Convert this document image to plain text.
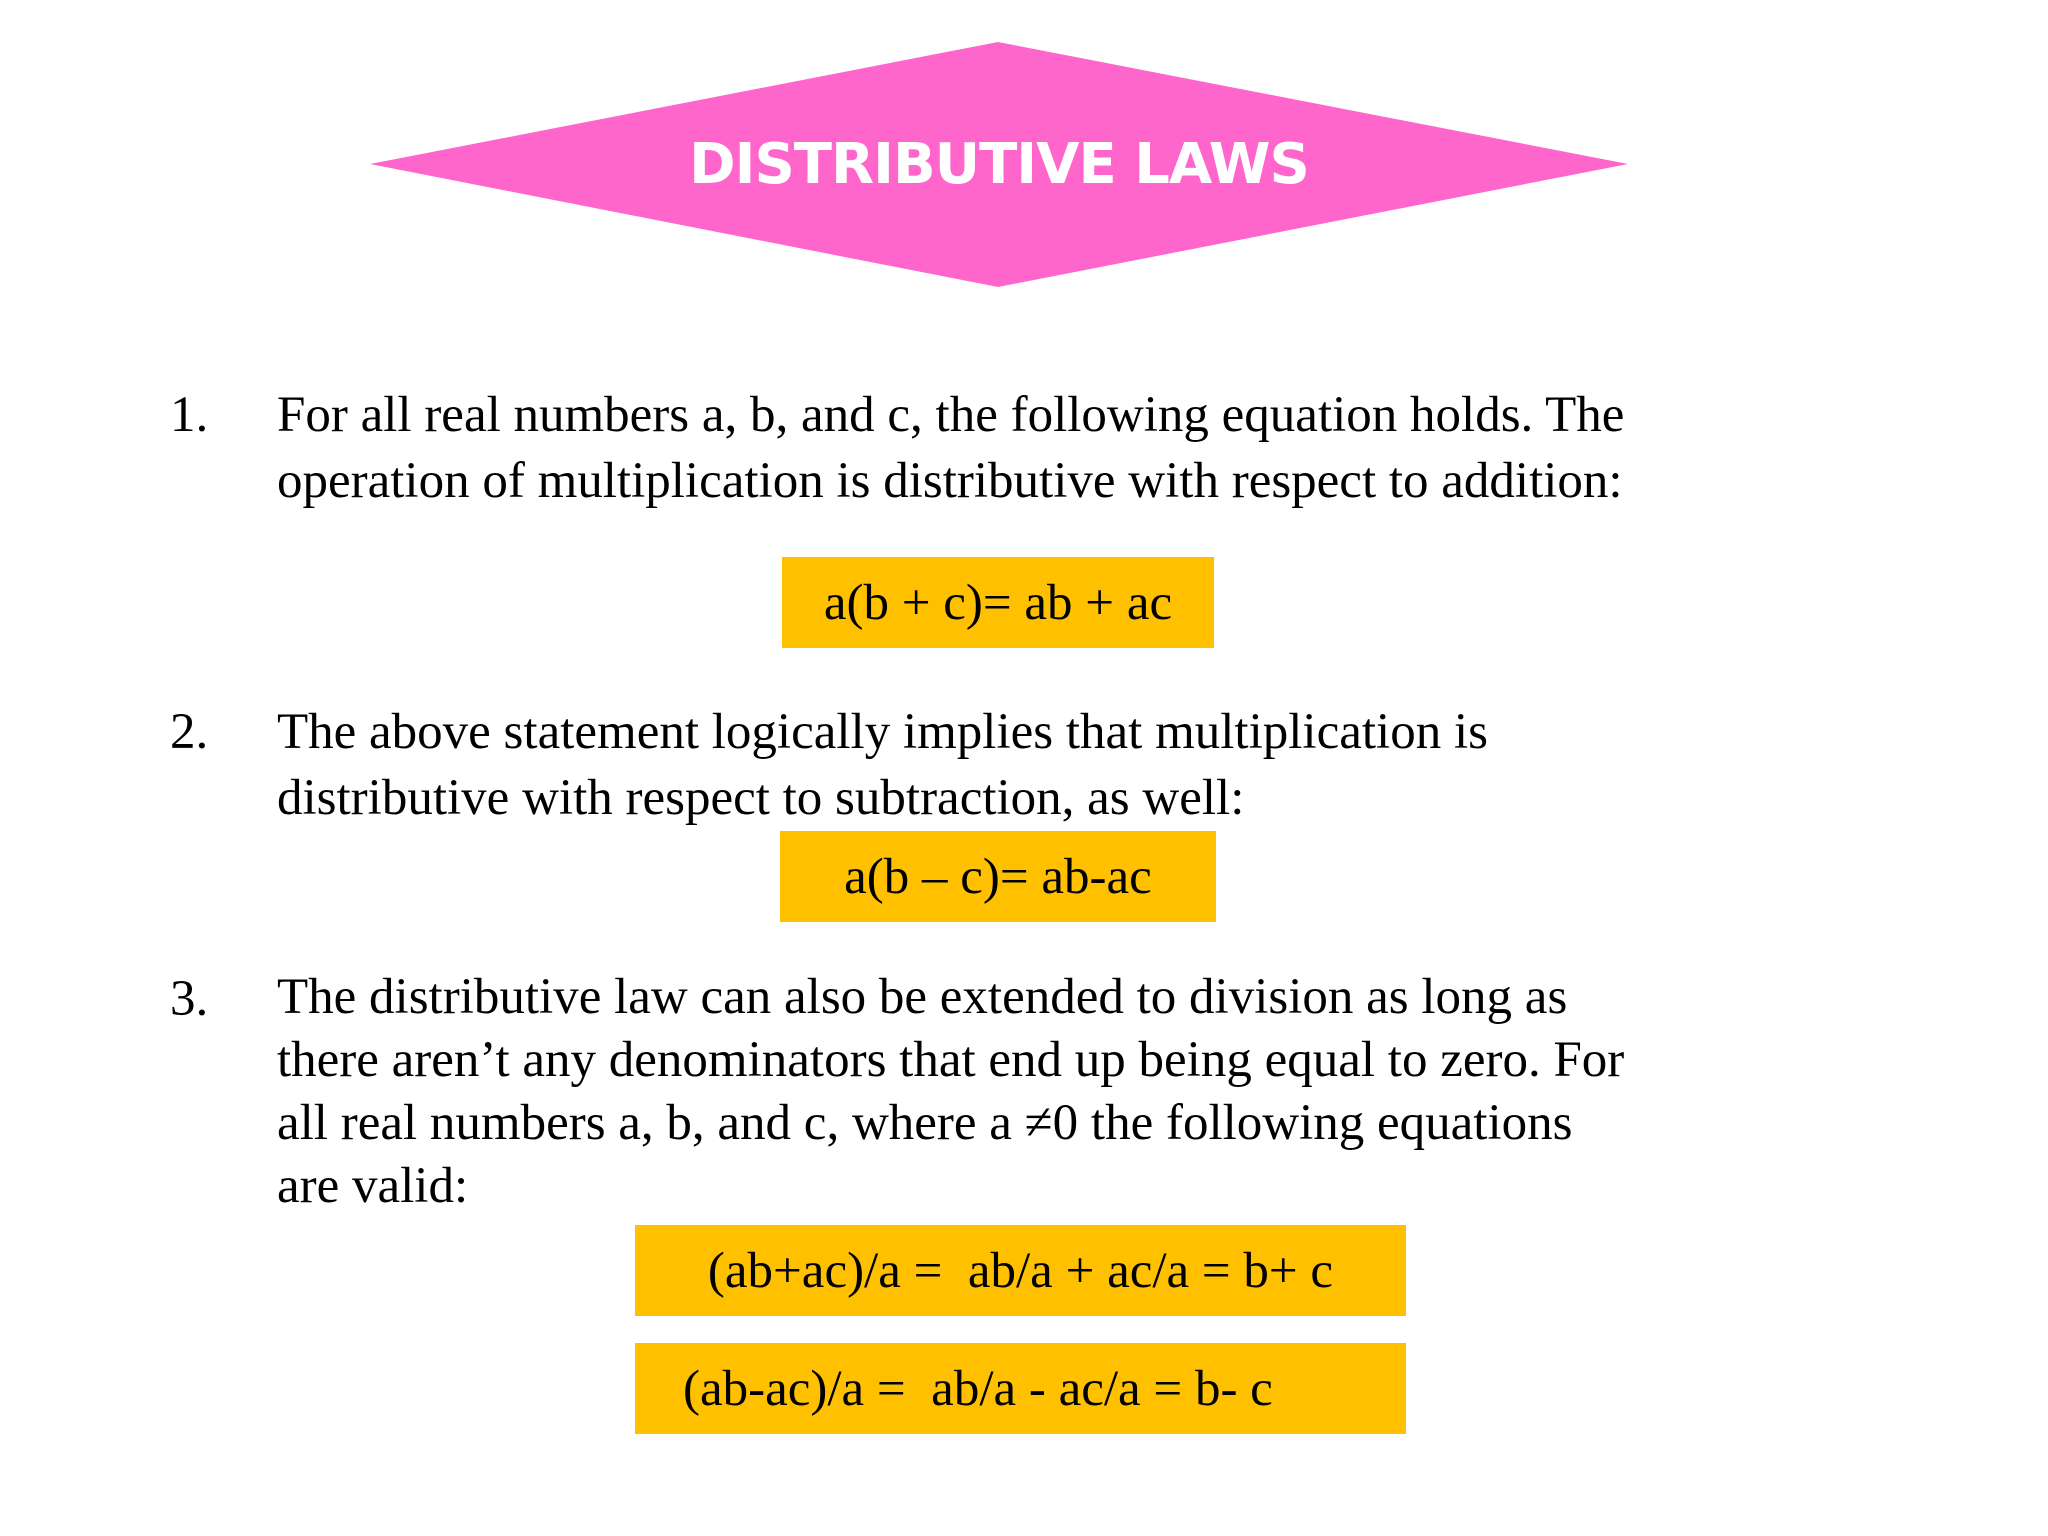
DISTRIBUTIVE LAWS
1. For all real numbers a, b, and c, the following equation holds. The
operation of multiplication is distributive with respect to addition:
a(b + c)= ab + ac
2. The above statement logically implies that multiplication is
distributive with respect to subtraction, as well:
a(b – c)= ab-ac
3. The distributive law can also be extended to division as long as
there aren’t any denominators that end up being equal to zero. For
all real numbers a, b, and c, where a ≠0 the following equations
are valid:
(ab+ac)/a =  ab/a + ac/a = b+ c
(ab-ac)/a =  ab/a - ac/a = b- c
